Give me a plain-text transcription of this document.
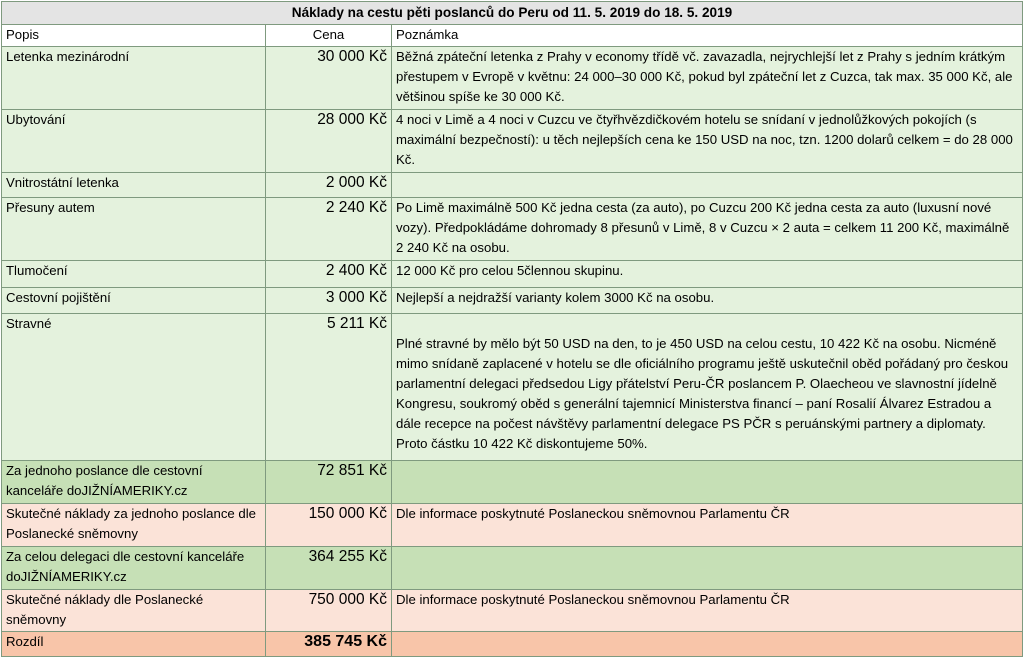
Náklady na cestu pěti poslanců do Peru od 11. 5. 2019 do 18. 5. 2019		
Popis	Cena	Poznámka
Letenka mezinárodní	30 000 Kč	Běžná zpáteční letenka z Prahy v economy třídě vč. zavazadla, nejrychlejší let z Prahy s jedním krátkým přestupem v Evropě v květnu: 24 000–30 000 Kč, pokud byl zpáteční let z Cuzca, tak max. 35 000 Kč, ale většinou spíše ke 30 000 Kč.
Ubytování	28 000 Kč	4 noci v Limě a 4 noci v Cuzcu ve čtyřhvězdičkovém hotelu se snídaní v jednolůžkových pokojích (s maximální bezpečností): u těch nejlepších cena ke 150 USD na noc, tzn. 1200 dolarů celkem = do 28 000 Kč.
Vnitrostátní letenka	2 000 Kč	
Přesuny autem	2 240 Kč	Po Limě maximálně 500 Kč jedna cesta (za auto), po Cuzcu 200 Kč jedna cesta za auto (luxusní nové vozy). Předpokládáme dohromady 8 přesunů v Limě, 8 v Cuzcu × 2 auta = celkem 11 200 Kč, maximálně 2 240 Kč na osobu.
Tlumočení	2 400 Kč	12 000 Kč pro celou 5člennou skupinu.
Cestovní pojištění	3 000 Kč	Nejlepší a nejdražší varianty kolem 3000 Kč na osobu.
Stravné	5 211 Kč	Plné stravné by mělo být 50 USD na den, to je 450 USD na celou cestu, 10 422 Kč na osobu. Nicméně mimo snídaně zaplacené v hotelu se dle oficiálního programu ještě uskutečnil oběd pořádaný pro českou parlamentní delegaci předsedou Ligy přátelství Peru-ČR poslancem P. Olaecheou ve slavnostní jídelně Kongresu, soukromý oběd s generální tajemnicí Ministerstva financí – paní Rosalií Álvarez Estradou a dále recepce na počest návštěvy parlamentní delegace PS PČR s peruánskými partnery a diplomaty. Proto částku 10 422 Kč diskontujeme 50%.

Za jednoho poslance dle cestovní kanceláře doJIŽNÍAMERIKY.cz	72 851 Kč	
Skutečné náklady za jednoho poslance dle Poslanecké sněmovny	150 000 Kč	Dle informace poskytnuté Poslaneckou sněmovnou Parlamentu ČR
Za celou delegaci dle cestovní kanceláře doJIŽNÍAMERIKY.cz	364 255 Kč	
Skutečné náklady dle Poslanecké sněmovny	750 000 Kč	Dle informace poskytnuté Poslaneckou sněmovnou Parlamentu ČR
Rozdíl	385 745 Kč	
